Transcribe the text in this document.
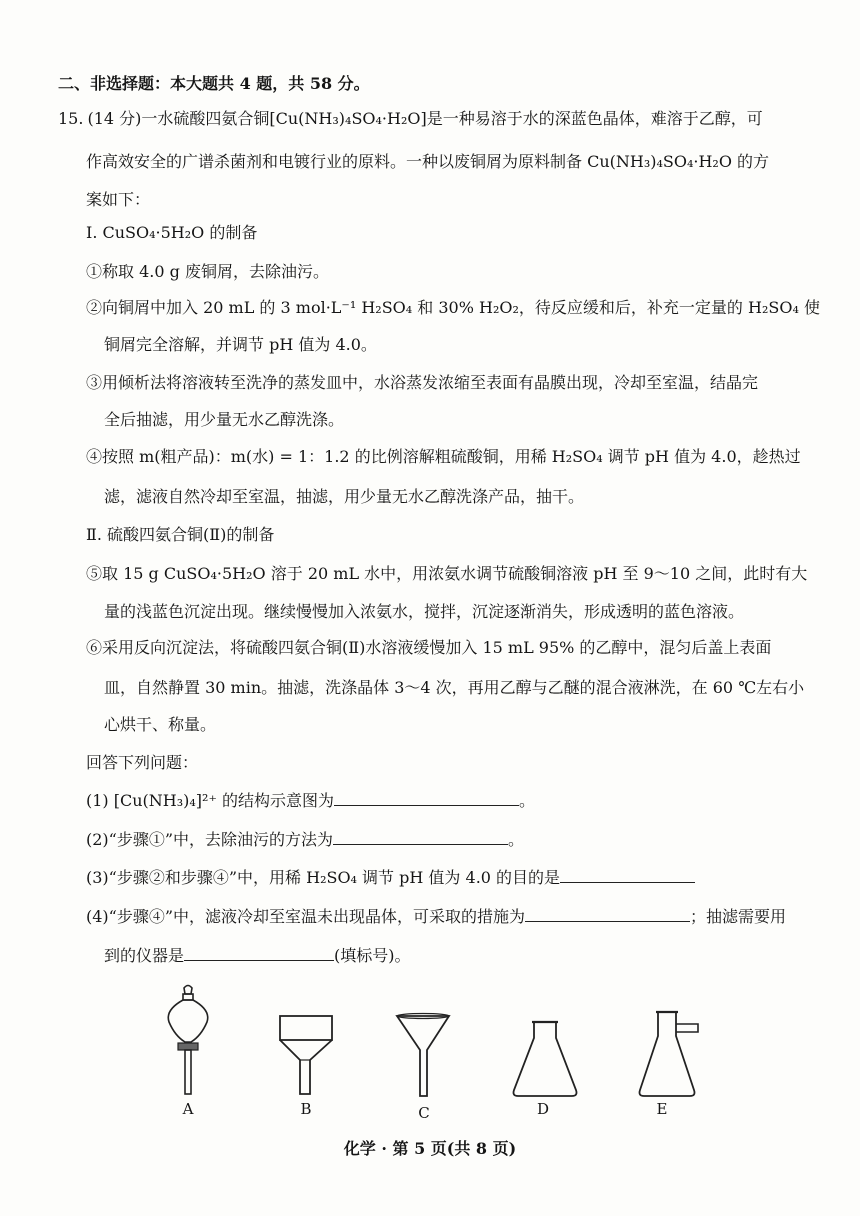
二、非选择题：本大题共 4 题，共 58 分。
15. (14 分)一水硫酸四氨合铜[Cu(NH₃)₄SO₄·H₂O]是一种易溶于水的深蓝色晶体，难溶于乙醇，可
作高效安全的广谱杀菌剂和电镀行业的原料。一种以废铜屑为原料制备 Cu(NH₃)₄SO₄·H₂O 的方
案如下：
Ⅰ. CuSO₄·5H₂O 的制备
①称取 4.0 g 废铜屑，去除油污。
②向铜屑中加入 20 mL 的 3 mol·L⁻¹ H₂SO₄ 和 30% H₂O₂，待反应缓和后，补充一定量的 H₂SO₄ 使
铜屑完全溶解，并调节 pH 值为 4.0。
③用倾析法将溶液转至洗净的蒸发皿中，水浴蒸发浓缩至表面有晶膜出现，冷却至室温，结晶完
全后抽滤，用少量无水乙醇洗涤。
④按照 m(粗产品)：m(水) = 1：1.2 的比例溶解粗硫酸铜，用稀 H₂SO₄ 调节 pH 值为 4.0，趁热过
滤，滤液自然冷却至室温，抽滤，用少量无水乙醇洗涤产品，抽干。
Ⅱ. 硫酸四氨合铜(Ⅱ)的制备
⑤取 15 g CuSO₄·5H₂O 溶于 20 mL 水中，用浓氨水调节硫酸铜溶液 pH 至 9～10 之间，此时有大
量的浅蓝色沉淀出现。继续慢慢加入浓氨水，搅拌，沉淀逐渐消失，形成透明的蓝色溶液。
⑥采用反向沉淀法，将硫酸四氨合铜(Ⅱ)水溶液缓慢加入 15 mL 95% 的乙醇中，混匀后盖上表面
皿，自然静置 30 min。抽滤，洗涤晶体 3～4 次，再用乙醇与乙醚的混合液淋洗，在 60 ℃左右小
心烘干、称量。
回答下列问题：
(1) [Cu(NH₃)₄]²⁺ 的结构示意图为	。
(2)“步骤①”中，去除油污的方法为	。
(3)“步骤②和步骤④”中，用稀 H₂SO₄ 调节 pH 值为 4.0 的目的是
(4)“步骤④”中，滤液冷却至室温未出现晶体，可采取的措施为	；抽滤需要用
到的仪器是	(填标号)。
A	B	C	D	E
化学 · 第 5 页(共 8 页)
